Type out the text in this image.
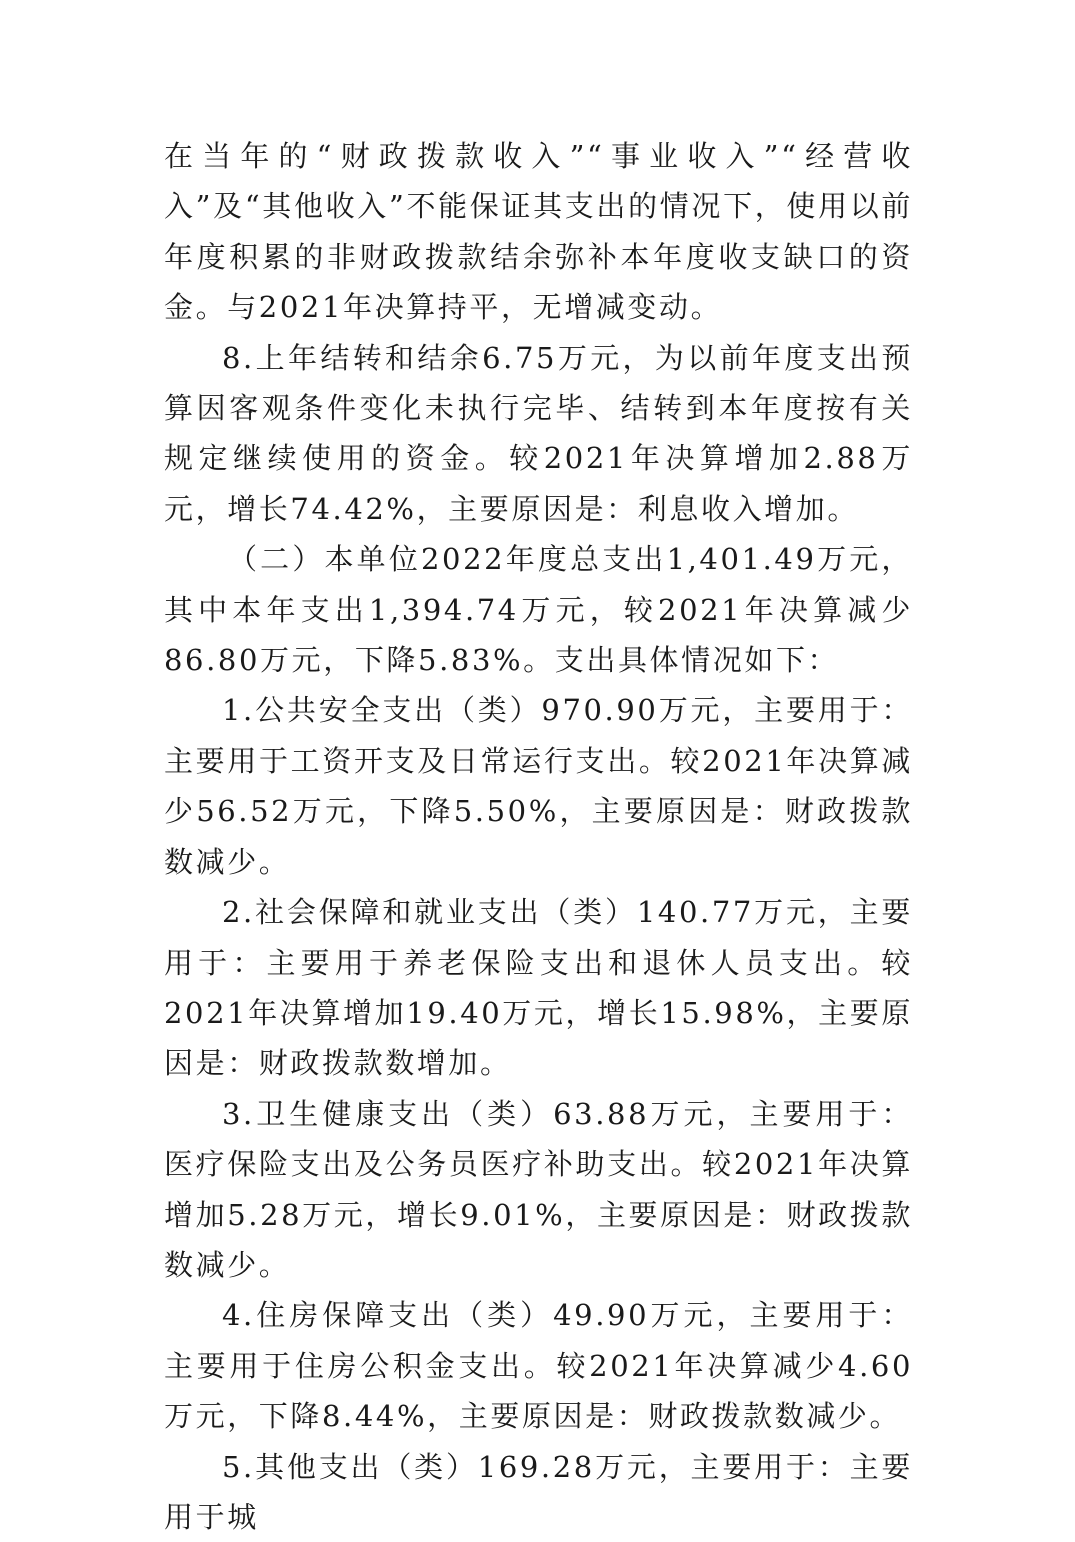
在当年的“财政拨款收入”“事业收入”“经营收入”及“其他收入”不能保证其支出的情况下，使用以前年度积累的非财政拨款结余弥补本年度收支缺口的资金。与2021年决算持平，无增减变动。

8.上年结转和结余6.75万元，为以前年度支出预算因客观条件变化未执行完毕、结转到本年度按有关规定继续使用的资金。较2021年决算增加2.88万元，增长74.42%，主要原因是：利息收入增加。

（二）本单位2022年度总支出1,401.49万元，其中本年支出1,394.74万元，较2021年决算减少86.80万元，下降5.83%。支出具体情况如下：

1.公共安全支出（类）970.90万元，主要用于：主要用于工资开支及日常运行支出。较2021年决算减少56.52万元，下降5.50%，主要原因是：财政拨款数减少。

2.社会保障和就业支出（类）140.77万元，主要用于：主要用于养老保险支出和退休人员支出。较2021年决算增加19.40万元，增长15.98%，主要原因是：财政拨款数增加。

3.卫生健康支出（类）63.88万元，主要用于：医疗保险支出及公务员医疗补助支出。较2021年决算增加5.28万元，增长9.01%，主要原因是：财政拨款数减少。

4.住房保障支出（类）49.90万元，主要用于：主要用于住房公积金支出。较2021年决算减少4.60万元，下降8.44%，主要原因是：财政拨款数减少。

5.其他支出（类）169.28万元，主要用于：主要用于城
